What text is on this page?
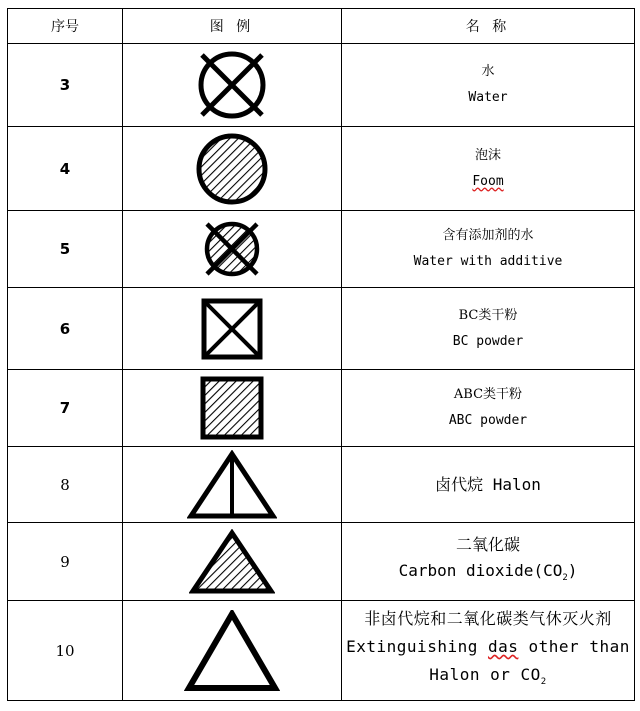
序号	图 例	名 称
3		水
Water

4		泡沫
Foom

5		含有添加剂的水
Water with additive

6		BC类干粉
BC powder

7		ABC类干粉
ABC powder

8		卤代烷 Halon

9		二氧化碳
Carbon $dioxide(CO_2)$

10		非卤代烷和二氧化碳类气休灭火剂
Extinguishing das other than
Halon or $CO_2$
